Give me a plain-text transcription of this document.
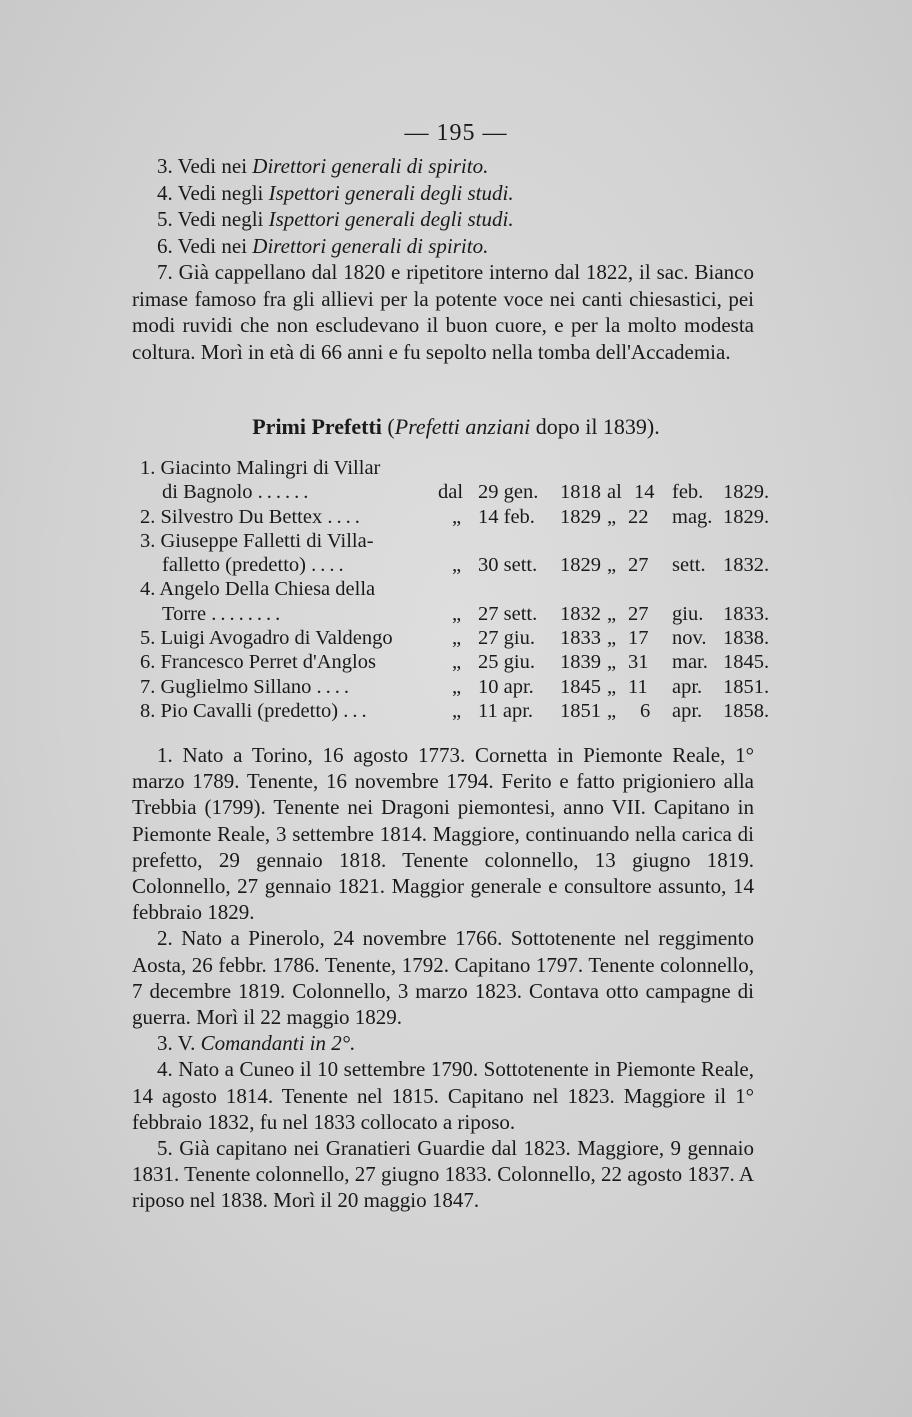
— 195 —
3. Vedi nei Direttori generali di spirito.
4. Vedi negli Ispettori generali degli studi.
5. Vedi negli Ispettori generali degli studi.
6. Vedi nei Direttori generali di spirito.
7. Già cappellano dal 1820 e ripetitore interno dal 1822, il sac. Bianco rimase famoso fra gli allievi per la potente voce nei canti chiesastici, pei modi ruvidi che non escludevano il buon cuore, e per la molto modesta coltura. Morì in età di 66 anni e fu sepolto nella tomba dell'Accademia.
Primi Prefetti (Prefetti anziani dopo il 1839).
1. Giacinto Malingri di Villar
di Bagnolo ......	dal 29 gen. 1818 al 14 feb. 1829.
2. Silvestro Du Bettex ....	„ 14 feb. 1829 „ 22 mag. 1829.
3. Giuseppe Falletti di Villa-
falletto (predetto) ....	„ 30 sett. 1829 „ 27 sett. 1832.
4. Angelo Della Chiesa della
Torre ........	„ 27 sett. 1832 „ 27 giu. 1833.
5. Luigi Avogadro di Valdengo	„ 27 giu. 1833 „ 17 nov. 1838.
6. Francesco Perret d'Anglos	„ 25 giu. 1839 „ 31 mar. 1845.
7. Guglielmo Sillano ....	„ 10 apr. 1845 „ 11 apr. 1851.
8. Pio Cavalli (predetto) ...	„ 11 apr. 1851 „ 6 apr. 1858.

1. Nato a Torino, 16 agosto 1773. Cornetta in Piemonte Reale, 1° marzo 1789. Tenente, 16 novembre 1794. Ferito e fatto prigioniero alla Trebbia (1799). Tenente nei Dragoni piemontesi, anno VII. Capitano in Piemonte Reale, 3 settembre 1814. Maggiore, continuando nella carica di prefetto, 29 gennaio 1818. Tenente colonnello, 13 giugno 1819. Colonnello, 27 gennaio 1821. Maggior generale e consultore assunto, 14 febbraio 1829.

2. Nato a Pinerolo, 24 novembre 1766. Sottotenente nel reggimento Aosta, 26 febbr. 1786. Tenente, 1792. Capitano 1797. Tenente colonnello, 7 decembre 1819. Colonnello, 3 marzo 1823. Contava otto campagne di guerra. Morì il 22 maggio 1829.

3. V. Comandanti in 2°.

4. Nato a Cuneo il 10 settembre 1790. Sottotenente in Piemonte Reale, 14 agosto 1814. Tenente nel 1815. Capitano nel 1823. Maggiore il 1° febbraio 1832, fu nel 1833 collocato a riposo.

5. Già capitano nei Granatieri Guardie dal 1823. Maggiore, 9 gennaio 1831. Tenente colonnello, 27 giugno 1833. Colonnello, 22 agosto 1837. A riposo nel 1838. Morì il 20 maggio 1847.
